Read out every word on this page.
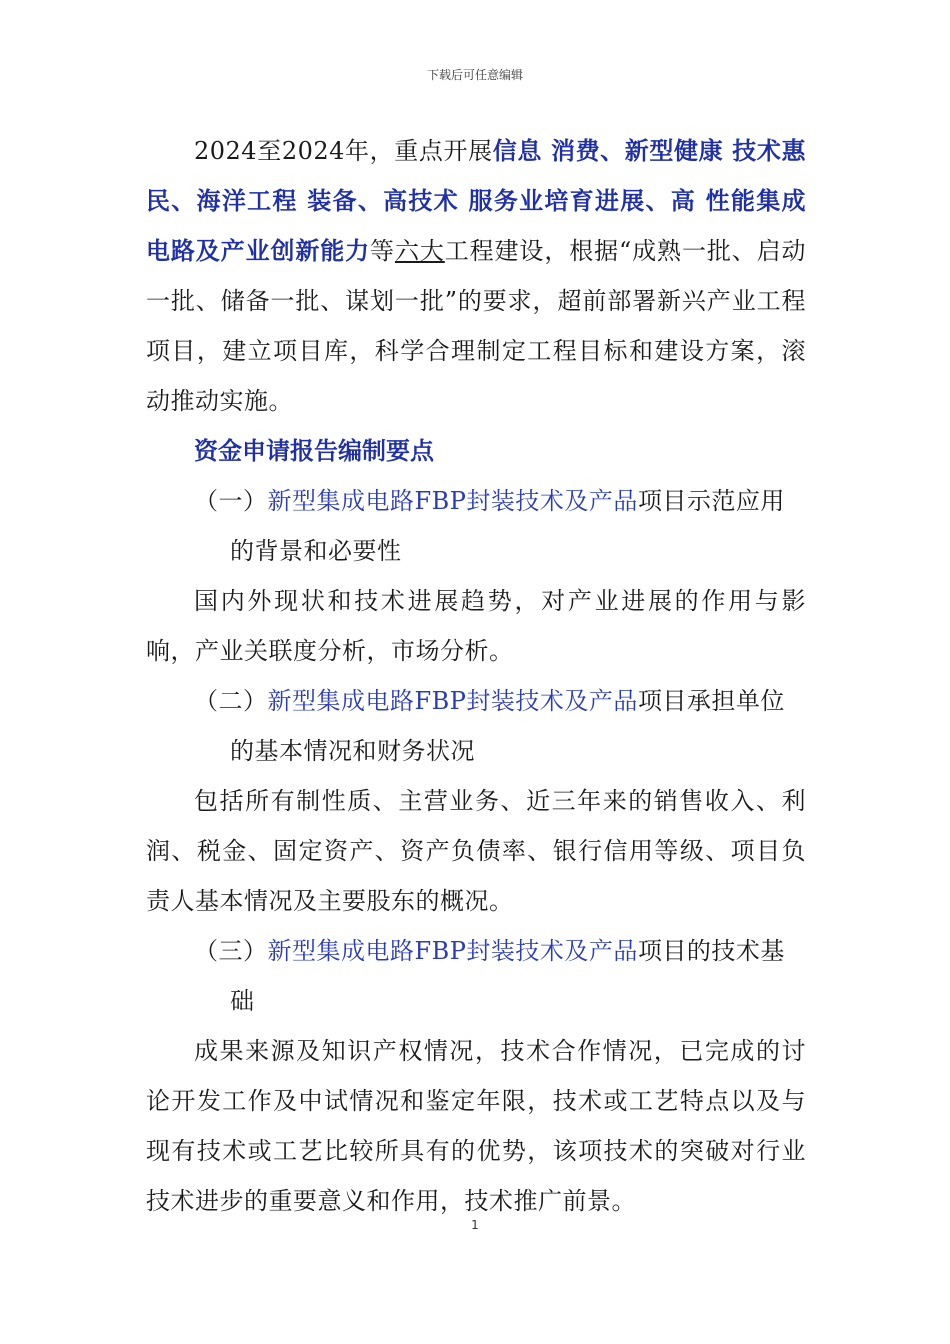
下载后可任意编辑

2024至2024年，重点开展信息 消费、新型健康 技术惠民、海洋工程 装备、高技术 服务业培育进展、高 性能集成电路及产业创新能力等六大工程建设，根据“成熟一批、启动一批、储备一批、谋划一批”的要求，超前部署新兴产业工程项目，建立项目库，科学合理制定工程目标和建设方案，滚动推动实施。

资金申请报告编制要点

（一）新型集成电路FBP封装技术及产品项目示范应用的背景和必要性

国内外现状和技术进展趋势，对产业进展的作用与影响，产业关联度分析，市场分析。

（二）新型集成电路FBP封装技术及产品项目承担单位的基本情况和财务状况

包括所有制性质、主营业务、近三年来的销售收入、利润、税金、固定资产、资产负债率、银行信用等级、项目负责人基本情况及主要股东的概况。

（三）新型集成电路FBP封装技术及产品项目的技术基础

成果来源及知识产权情况，技术合作情况，已完成的讨论开发工作及中试情况和鉴定年限，技术或工艺特点以及与现有技术或工艺比较所具有的优势，该项技术的突破对行业技术进步的重要意义和作用，技术推广前景。

1
